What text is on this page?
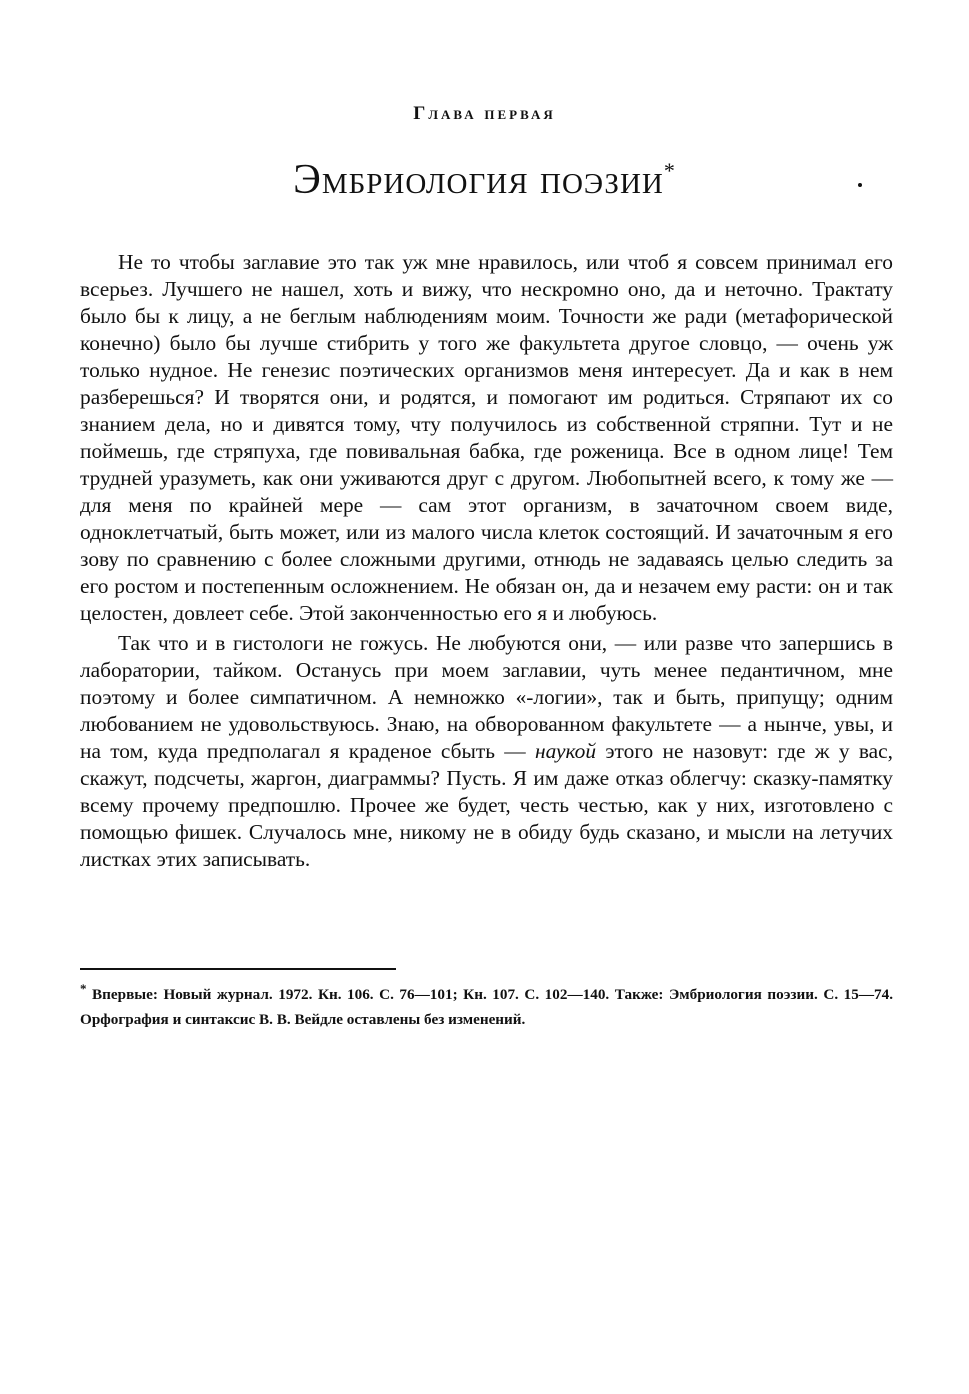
Глава первая
Эмбриология поэзии*

Не то чтобы заглавие это так уж мне нравилось, или чтоб я совсем принимал его всерьез. Лучшего не нашел, хоть и вижу, что нескромно оно, да и неточно. Трактату было бы к лицу, а не беглым наблюдениям моим. Точности же ради (метафорической конечно) было бы лучше стибрить у того же факультета другое словцо, — очень уж только нудное. Не генезис поэтических организмов меня интересует. Да и как в нем разберешься? И творятся они, и родятся, и помогают им родиться. Стряпают их со знанием дела, но и дивятся тому, чту получилось из собственной стряпни. Тут и не поймешь, где стряпуха, где повивальная бабка, где роженица. Все в одном лице! Тем трудней уразуметь, как они уживаются друг с другом. Любопытней всего, к тому же — для меня по крайней мере — сам этот организм, в зачаточном своем виде, одноклетчатый, быть может, или из малого числа клеток состоящий. И зачаточным я его зову по сравнению с более сложными другими, отнюдь не задаваясь целью следить за его ростом и постепенным осложнением. Не обязан он, да и незачем ему расти: он и так целостен, довлеет себе. Этой законченностью его я и любуюсь.

Так что и в гистологи не гожусь. Не любуются они, — или разве что запершись в лаборатории, тайком. Останусь при моем заглавии, чуть менее педантичном, мне поэтому и более симпатичном. А немножко «-логии», так и быть, припущу; одним любованием не удовольствуюсь. Знаю, на обворованном факультете — а нынче, увы, и на том, куда предполагал я краденое сбыть — наукой этого не назовут: где ж у вас, скажут, подсчеты, жаргон, диаграммы? Пусть. Я им даже отказ облегчу: сказку-памятку всему прочему предпошлю. Прочее же будет, честь честью, как у них, изготовлено с помощью фишек. Случалось мне, никому не в обиду будь сказано, и мысли на летучих листках этих записывать.

* Впервые: Новый журнал. 1972. Кн. 106. С. 76—101; Кн. 107. С. 102—140. Также: Эмбриология поэзии. С. 15—74. Орфография и синтаксис В. В. Вейдле оставлены без изменений.
